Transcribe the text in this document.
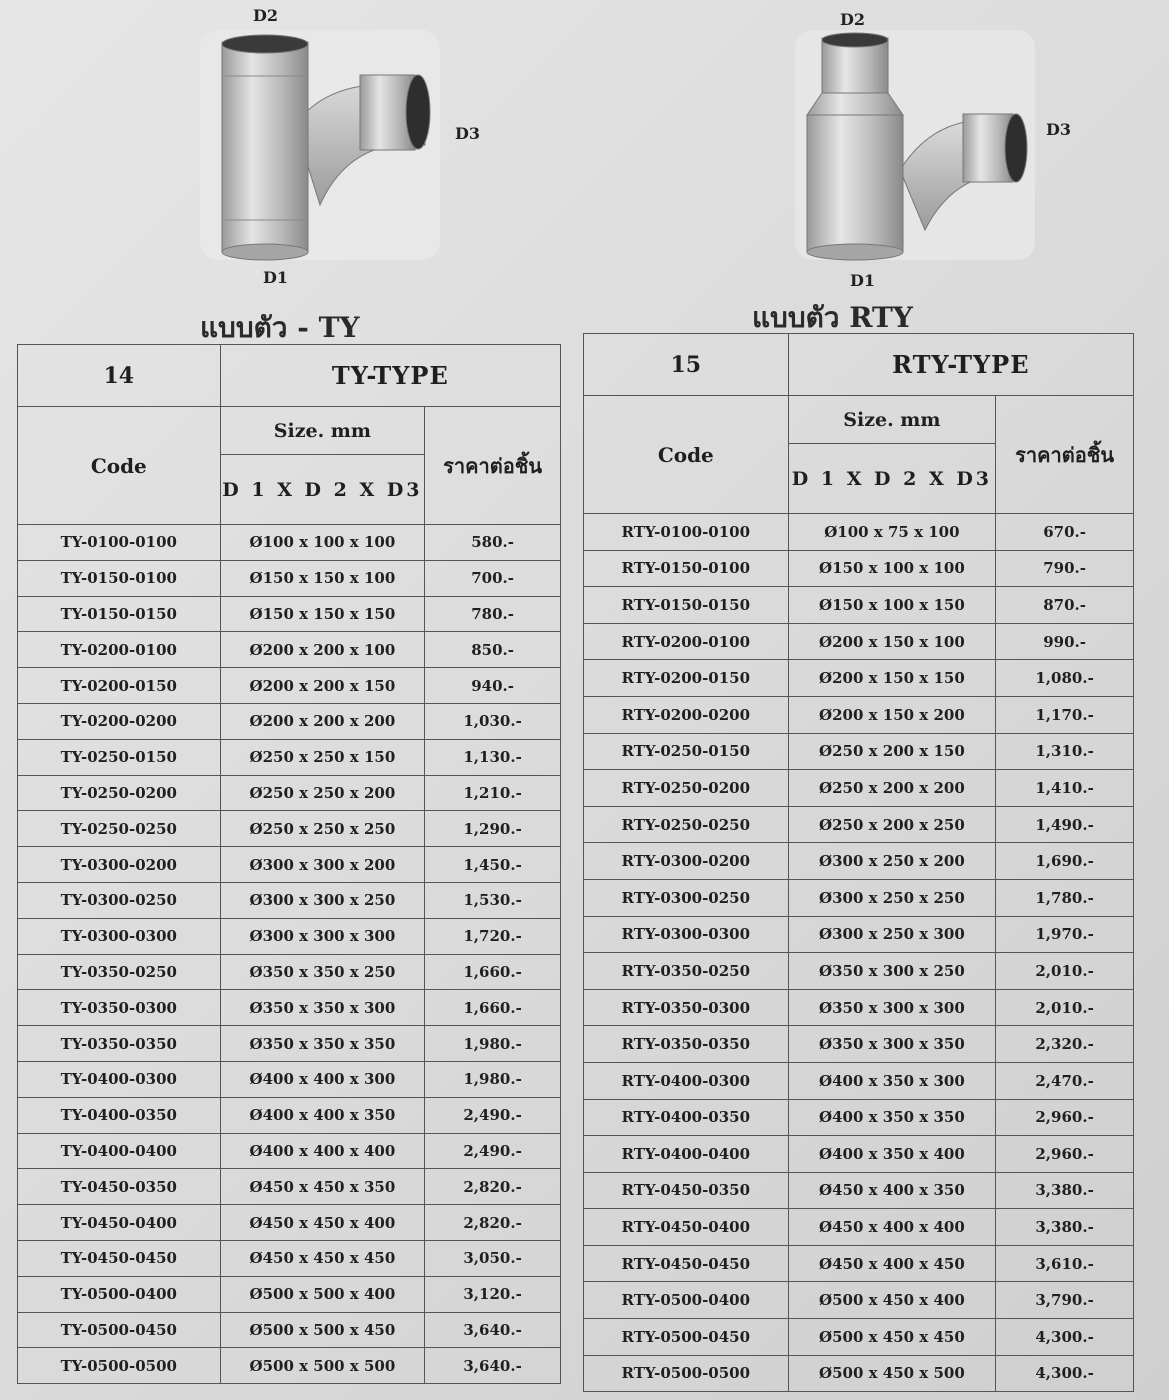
D2
D3
D1
แบบตัว - TY
D2
D3
D1
แบบตัว RTY
14	TY-TYPE	
Code	Size. mm	ราคาต่อชิ้น
	D 1 X D 2 X D3	
TY-0100-0100	Ø100 x 100 x 100	580.-
TY-0150-0100	Ø150 x 150 x 100	700.-
TY-0150-0150	Ø150 x 150 x 150	780.-
TY-0200-0100	Ø200 x 200 x 100	850.-
TY-0200-0150	Ø200 x 200 x 150	940.-
TY-0200-0200	Ø200 x 200 x 200	1,030.-
TY-0250-0150	Ø250 x 250 x 150	1,130.-
TY-0250-0200	Ø250 x 250 x 200	1,210.-
TY-0250-0250	Ø250 x 250 x 250	1,290.-
TY-0300-0200	Ø300 x 300 x 200	1,450.-
TY-0300-0250	Ø300 x 300 x 250	1,530.-
TY-0300-0300	Ø300 x 300 x 300	1,720.-
TY-0350-0250	Ø350 x 350 x 250	1,660.-
TY-0350-0300	Ø350 x 350 x 300	1,660.-
TY-0350-0350	Ø350 x 350 x 350	1,980.-
TY-0400-0300	Ø400 x 400 x 300	1,980.-
TY-0400-0350	Ø400 x 400 x 350	2,490.-
TY-0400-0400	Ø400 x 400 x 400	2,490.-
TY-0450-0350	Ø450 x 450 x 350	2,820.-
TY-0450-0400	Ø450 x 450 x 400	2,820.-
TY-0450-0450	Ø450 x 450 x 450	3,050.-
TY-0500-0400	Ø500 x 500 x 400	3,120.-
TY-0500-0450	Ø500 x 500 x 450	3,640.-
TY-0500-0500	Ø500 x 500 x 500	3,640.-
15	RTY-TYPE	
Code	Size. mm	ราคาต่อชิ้น
	D 1 X D 2 X D3	
RTY-0100-0100	Ø100 x 75 x 100	670.-
RTY-0150-0100	Ø150 x 100 x 100	790.-
RTY-0150-0150	Ø150 x 100 x 150	870.-
RTY-0200-0100	Ø200 x 150 x 100	990.-
RTY-0200-0150	Ø200 x 150 x 150	1,080.-
RTY-0200-0200	Ø200 x 150 x 200	1,170.-
RTY-0250-0150	Ø250 x 200 x 150	1,310.-
RTY-0250-0200	Ø250 x 200 x 200	1,410.-
RTY-0250-0250	Ø250 x 200 x 250	1,490.-
RTY-0300-0200	Ø300 x 250 x 200	1,690.-
RTY-0300-0250	Ø300 x 250 x 250	1,780.-
RTY-0300-0300	Ø300 x 250 x 300	1,970.-
RTY-0350-0250	Ø350 x 300 x 250	2,010.-
RTY-0350-0300	Ø350 x 300 x 300	2,010.-
RTY-0350-0350	Ø350 x 300 x 350	2,320.-
RTY-0400-0300	Ø400 x 350 x 300	2,470.-
RTY-0400-0350	Ø400 x 350 x 350	2,960.-
RTY-0400-0400	Ø400 x 350 x 400	2,960.-
RTY-0450-0350	Ø450 x 400 x 350	3,380.-
RTY-0450-0400	Ø450 x 400 x 400	3,380.-
RTY-0450-0450	Ø450 x 400 x 450	3,610.-
RTY-0500-0400	Ø500 x 450 x 400	3,790.-
RTY-0500-0450	Ø500 x 450 x 450	4,300.-
RTY-0500-0500	Ø500 x 450 x 500	4,300.-
